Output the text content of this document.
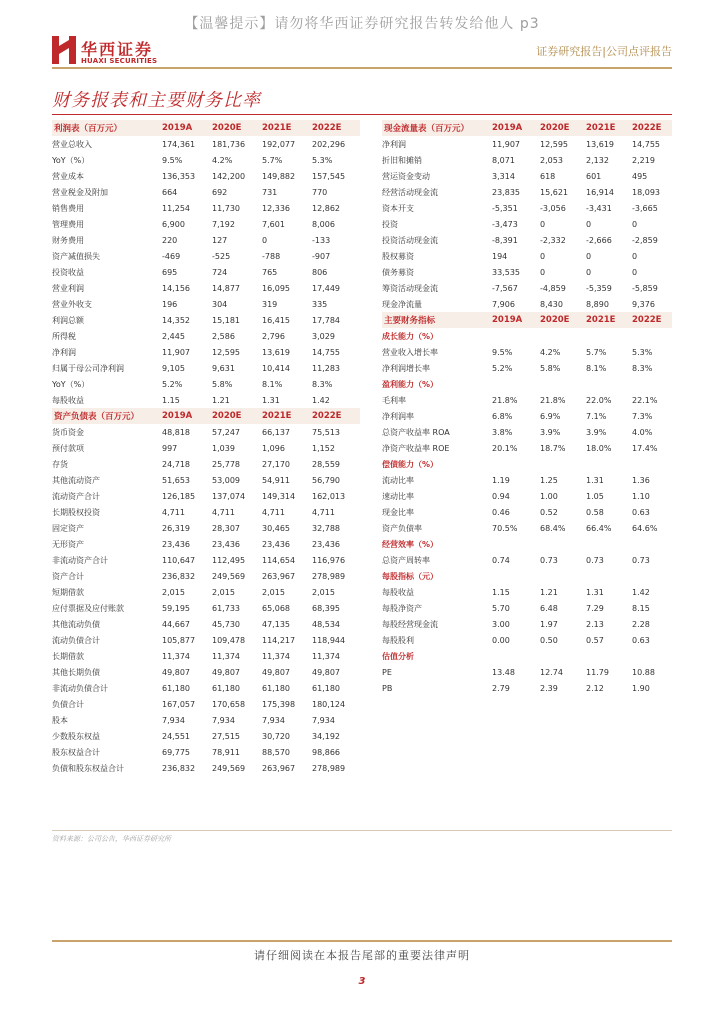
【温馨提示】请勿将华西证券研究报告转发给他人 p3
华西证券
HUAXI SECURITIES
证券研究报告|公司点评报告
财务报表和主要财务比率
利润表（百万元）	2019A	2020E	2021E	2022E
营业总收入	174,361	181,736	192,077	202,296
YoY（%）	9.5%	4.2%	5.7%	5.3%
营业成本	136,353	142,200	149,882	157,545
营业税金及附加	664	692	731	770
销售费用	11,254	11,730	12,336	12,862
管理费用	6,900	7,192	7,601	8,006
财务费用	220	127	0	-133
资产减值损失	-469	-525	-788	-907
投资收益	695	724	765	806
营业利润	14,156	14,877	16,095	17,449
营业外收支	196	304	319	335
利润总额	14,352	15,181	16,415	17,784
所得税	2,445	2,586	2,796	3,029
净利润	11,907	12,595	13,619	14,755
归属于母公司净利润	9,105	9,631	10,414	11,283
YoY（%）	5.2%	5.8%	8.1%	8.3%
每股收益	1.15	1.21	1.31	1.42
资产负债表（百万元）	2019A	2020E	2021E	2022E
货币资金	48,818	57,247	66,137	75,513
预付款项	997	1,039	1,096	1,152
存货	24,718	25,778	27,170	28,559
其他流动资产	51,653	53,009	54,911	56,790
流动资产合计	126,185	137,074	149,314	162,013
长期股权投资	4,711	4,711	4,711	4,711
固定资产	26,319	28,307	30,465	32,788
无形资产	23,436	23,436	23,436	23,436
非流动资产合计	110,647	112,495	114,654	116,976
资产合计	236,832	249,569	263,967	278,989
短期借款	2,015	2,015	2,015	2,015
应付票据及应付账款	59,195	61,733	65,068	68,395
其他流动负债	44,667	45,730	47,135	48,534
流动负债合计	105,877	109,478	114,217	118,944
长期借款	11,374	11,374	11,374	11,374
其他长期负债	49,807	49,807	49,807	49,807
非流动负债合计	61,180	61,180	61,180	61,180
负债合计	167,057	170,658	175,398	180,124
股本	7,934	7,934	7,934	7,934
少数股东权益	24,551	27,515	30,720	34,192
股东权益合计	69,775	78,911	88,570	98,866
负债和股东权益合计	236,832	249,569	263,967	278,989
现金流量表（百万元）	2019A	2020E	2021E	2022E
净利润	11,907	12,595	13,619	14,755
折旧和摊销	8,071	2,053	2,132	2,219
营运资金变动	3,314	618	601	495
经营活动现金流	23,835	15,621	16,914	18,093
资本开支	-5,351	-3,056	-3,431	-3,665
投资	-3,473	0	0	0
投资活动现金流	-8,391	-2,332	-2,666	-2,859
股权募资	194	0	0	0
债务募资	33,535	0	0	0
筹资活动现金流	-7,567	-4,859	-5,359	-5,859
现金净流量	7,906	8,430	8,890	9,376
主要财务指标	2019A	2020E	2021E	2022E
成长能力（%）				
营业收入增长率	9.5%	4.2%	5.7%	5.3%
净利润增长率	5.2%	5.8%	8.1%	8.3%
盈利能力（%）				
毛利率	21.8%	21.8%	22.0%	22.1%
净利润率	6.8%	6.9%	7.1%	7.3%
总资产收益率 ROA	3.8%	3.9%	3.9%	4.0%
净资产收益率 ROE	20.1%	18.7%	18.0%	17.4%
偿债能力（%）				
流动比率	1.19	1.25	1.31	1.36
速动比率	0.94	1.00	1.05	1.10
现金比率	0.46	0.52	0.58	0.63
资产负债率	70.5%	68.4%	66.4%	64.6%
经营效率（%）				
总资产周转率	0.74	0.73	0.73	0.73
每股指标（元）				
每股收益	1.15	1.21	1.31	1.42
每股净资产	5.70	6.48	7.29	8.15
每股经营现金流	3.00	1.97	2.13	2.28
每股股利	0.00	0.50	0.57	0.63
估值分析				
PE	13.48	12.74	11.79	10.88
PB	2.79	2.39	2.12	1.90
资料来源：公司公告，华西证券研究所
请仔细阅读在本报告尾部的重要法律声明
3
